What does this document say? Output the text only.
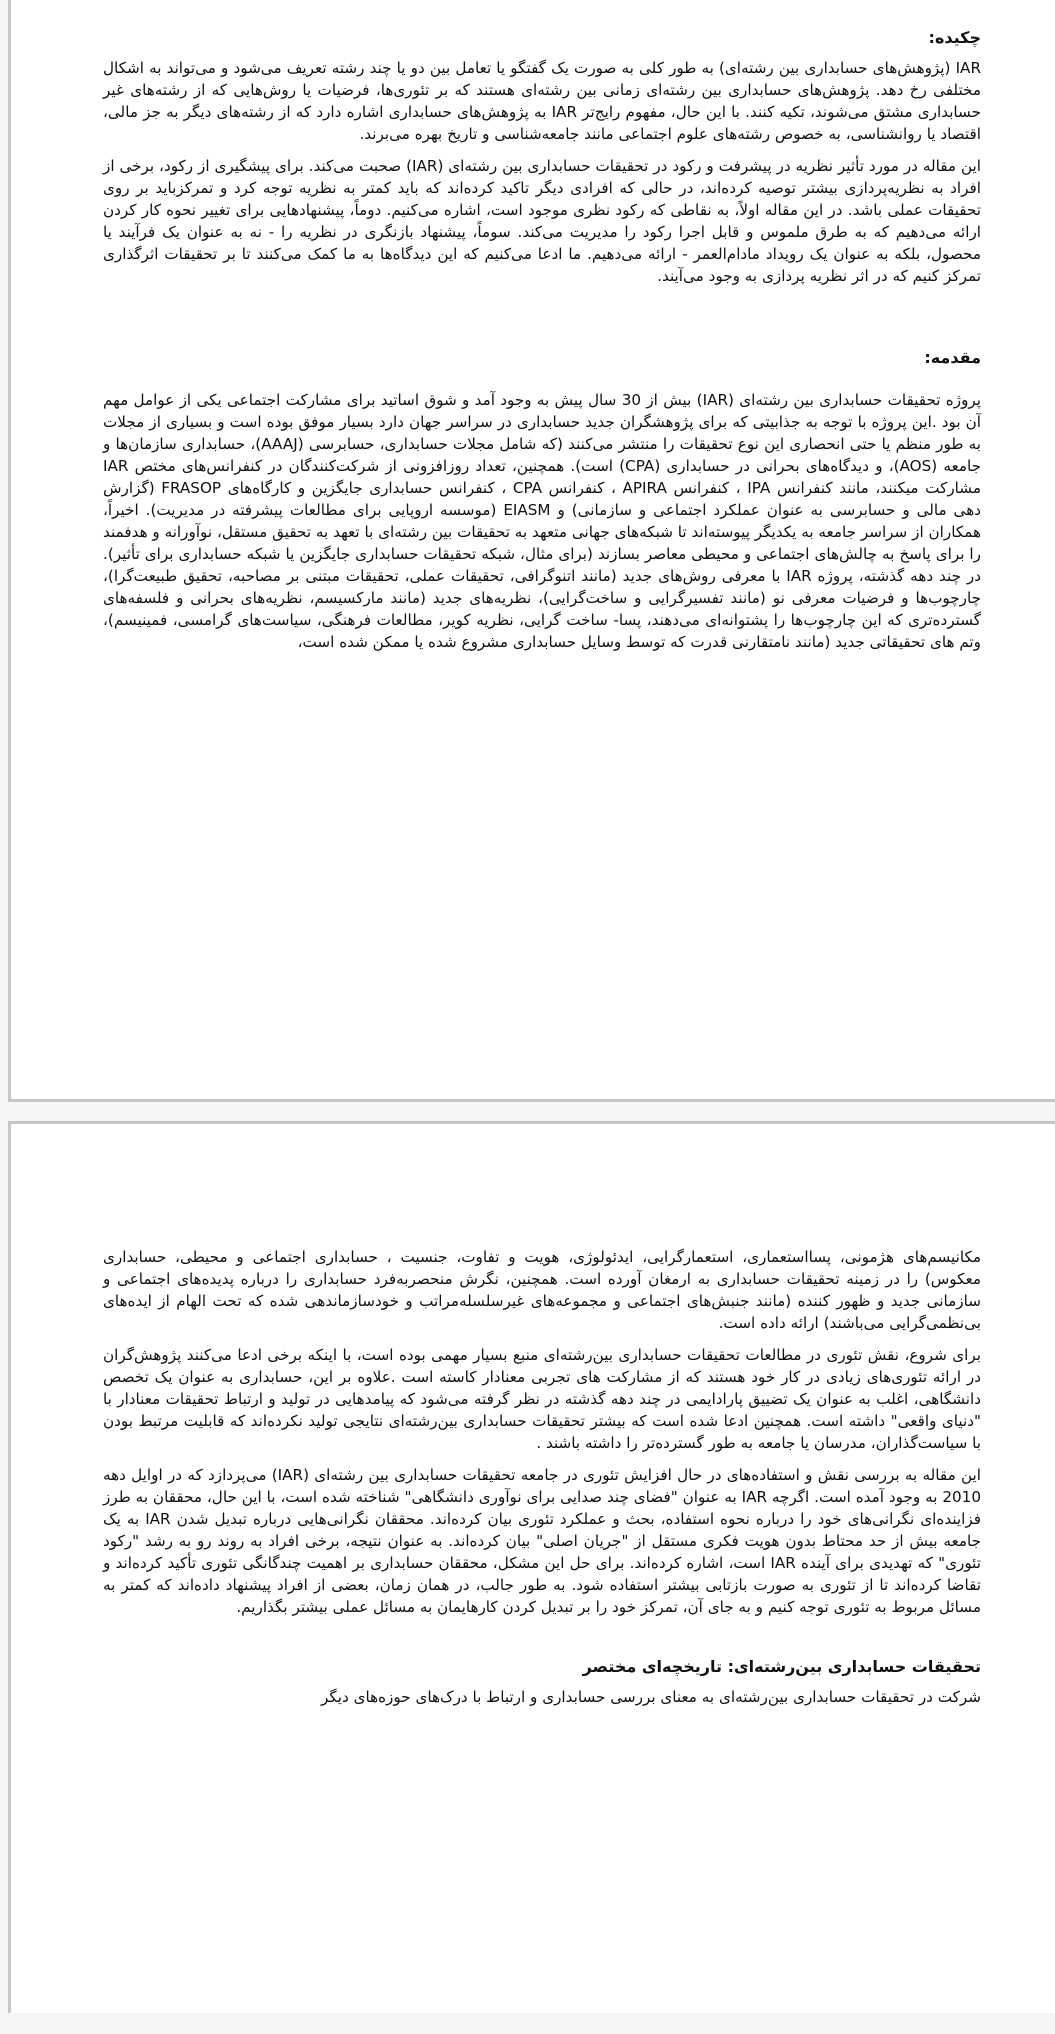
چکیده:

IAR (پژوهش‌های حسابداری بین رشته‌ای) به طور کلی به صورت یک گفتگو یا تعامل بین دو یا چند رشته تعریف می‌شود و می‌تواند به اشکال مختلفی رخ دهد. پژوهش‌های حسابداری بین رشته‌ای زمانی بین رشته‌ای هستند که بر تئوری‌ها، فرضیات یا روش‌هایی که از رشته‌های غیر حسابداری مشتق می‌شوند، تکیه کنند. با این حال، مفهوم رایج‌تر IAR به پژوهش‌های حسابداری اشاره دارد که از رشته‌های دیگر به جز مالی، اقتصاد یا روانشناسی، به خصوص رشته‌های علوم اجتماعی مانند جامعه‌شناسی و تاریخ بهره می‌برند.

این مقاله در مورد تأثیر نظریه در پیشرفت و رکود در تحقیقات حسابداری بین رشته‌ای (IAR) صحبت می‌کند. برای پیشگیری از رکود، برخی از افراد به نظریه‌پردازی بیشتر توصیه کرده‌اند، در حالی که افرادی دیگر تاکید کرده‌اند که باید کمتر به نظریه توجه کرد و تمرکزباید بر روی تحقیقات عملی باشد. در این مقاله اولاً، به نقاطی که رکود نظری موجود است، اشاره می‌کنیم. دوماً، پیشنهادهایی برای تغییر نحوه کار کردن ارائه می‌دهیم که به طرق ملموس و قابل اجرا رکود را مدیریت می‌کند. سوماً، پیشنهاد بازنگری در نظریه را - نه به عنوان یک فرآیند یا محصول، بلکه به عنوان یک رویداد مادام‌العمر - ارائه می‌دهیم. ما ادعا می‌کنیم که این دیدگاه‌ها به ما کمک می‌کنند تا بر تحقیقات اثرگذاری تمرکز کنیم که در اثر نظریه پردازی به وجود می‌آیند.

مقدمه:

پروژه تحقیقات حسابداری بین رشته‌ای (IAR) بیش از 30 سال پیش به وجود آمد و شوق اساتید برای مشارکت اجتماعی یکی از عوامل مهم آن بود .این پروژه با توجه به جذابیتی که برای پژوهشگران جدید حسابداری در سراسر جهان دارد بسیار موفق بوده است و بسیاری از مجلات به طور منظم یا حتی انحصاری این نوع تحقیقات را منتشر می‌کنند (که شامل مجلات حسابداری، حسابرسی (AAAJ)، حسابداری سازمان‌ها و جامعه (AOS)، و دیدگاه‌های بحرانی در حسابداری (CPA) است). همچنین، تعداد روزافزونی از شرکت‌کنندگان در کنفرانس‌های مختص IAR مشارکت میکنند، مانند کنفرانس IPA ، کنفرانس APIRA ، کنفرانس CPA ، کنفرانس حسابداری جایگزین و کارگاه‌های FRASOP (گزارش دهی مالی و حسابرسی به عنوان عملکرد اجتماعی و سازمانی) و EIASM (موسسه اروپایی برای مطالعات پیشرفته در مدیریت). اخیراً، همکاران از سراسر جامعه به یکدیگر پیوسته‌اند تا شبکه‌های جهانی متعهد به تحقیقات بین رشته‌ای با تعهد به تحقیق مستقل، نوآورانه و هدفمند را برای پاسخ به چالش‌های اجتماعی و محیطی معاصر بسازند (برای مثال، شبکه تحقیقات حسابداری جایگزین یا شبکه حسابداری برای تأثیر). در چند دهه گذشته، پروژه IAR با معرفی روش‌های جدید (مانند اتنوگرافی، تحقیقات عملی، تحقیقات مبتنی بر مصاحبه، تحقیق طبیعت‌گرا)، چارچوب‌ها و فرضیات معرفی نو (مانند تفسیرگرایی و ساخت‌گرایی)، نظریه‌های جدید (مانند مارکسیسم، نظریه‌های بحرانی و فلسفه‌های گسترده‌تری که این چارچوب‌ها را پشتوانه‌ای می‌دهند، پسا- ساخت گرایی، نظریه کویر، مطالعات فرهنگی، سیاست‌های گرامسی، فمینیسم)، وتم های تحقیقاتی جدید (مانند نامتقارنی قدرت که توسط وسایل حسابداری مشروع شده یا ممکن شده است،

مکانیسم‌های هژمونی، پسااستعماری، استعمارگرایی، ایدئولوژی، هویت و تفاوت، جنسیت ، حسابداری اجتماعی و محیطی، حسابداری معکوس) را در زمینه تحقیقات حسابداری به ارمغان آورده است. همچنین، نگرش منحصربه‌فرد حسابداری را درباره پدیده‌های اجتماعی و سازمانی جدید و ظهور کننده (مانند جنبش‌های اجتماعی و مجموعه‌های غیرسلسله‌مراتب و خودسازماندهی شده که تحت الهام از ایده‌های بی‌نظمی‌گرایی می‌باشند) ارائه داده است.

برای شروع، نقش تئوری در مطالعات تحقیقات حسابداری بین‌رشته‌ای منبع بسیار مهمی بوده است، با اینکه برخی ادعا می‌کنند پژوهش‌گران در ارائه تئوری‌های زیادی در کار خود هستند که از مشارکت های تجربی معنادار کاسته است .علاوه بر این، حسابداری به عنوان یک تخصص دانشگاهی، اغلب به عنوان یک تضییق پارادایمی در چند دهه گذشته در نظر گرفته می‌شود که پیامدهایی در تولید و ارتباط تحقیقات معنادار با "دنیای واقعی" داشته است. همچنین ادعا شده است که بیشتر تحقیقات حسابداری بین‌رشته‌ای نتایجی تولید نکرده‌اند که قابلیت مرتبط بودن با سیاست‌گذاران، مدرسان یا جامعه به طور گسترده‌تر را داشته باشند .

این مقاله به بررسی نقش و استفاده‌های در حال افزایش تئوری در جامعه تحقیقات حسابداری بین رشته‌ای (IAR) می‌پردازد که در اوایل دهه 2010 به وجود آمده است. اگرچه IAR به عنوان "فضای چند صدایی برای نوآوری دانشگاهی" شناخته شده است، با این حال، محققان به طرز فزاینده‌ای نگرانی‌های خود را درباره نحوه استفاده، بحث و عملکرد تئوری بیان کرده‌اند. محققان نگرانی‌هایی درباره تبدیل شدن IAR به یک جامعه بیش از حد محتاط بدون هویت فکری مستقل از "جریان اصلی" بیان کرده‌اند. به عنوان نتیجه، برخی افراد به روند رو به رشد "رکود تئوری" که تهدیدی برای آینده IAR است، اشاره کرده‌اند. برای حل این مشکل، محققان حسابداری بر اهمیت چندگانگی تئوری تأکید کرده‌اند و تقاضا کرده‌اند تا از تئوری به صورت بازتابی بیشتر استفاده شود. به طور جالب، در همان زمان، بعضی از افراد پیشنهاد داده‌اند که کمتر به مسائل مربوط به تئوری توجه کنیم و به جای آن، تمرکز خود را بر تبدیل کردن کارهایمان به مسائل عملی بیشتر بگذاریم.

تحقیقات حسابداری بین‌رشته‌ای: تاریخچه‌ای مختصر

شرکت در تحقیقات حسابداری بین‌رشته‌ای به معنای بررسی حسابداری و ارتباط با درک‌های حوزه‌های دیگر
